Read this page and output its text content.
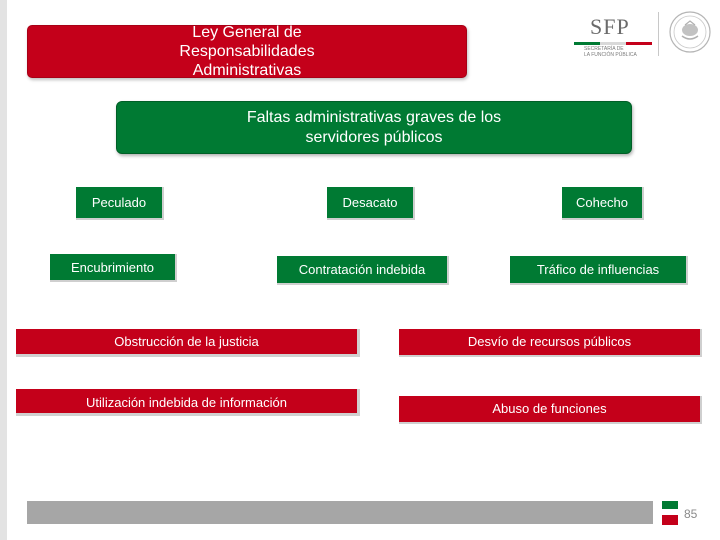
SFP
SECRETARÍA DE
LA FUNCIÓN PÚBLICA
Ley General de Responsabilidades Administrativas
Faltas administrativas graves de los servidores públicos
Peculado	Desacato	Cohecho
Encubrimiento	Contratación indebida	Tráfico de influencias
Obstrucción de la justicia
Utilización indebida de información
Desvío de recursos públicos
Abuso de funciones
85
